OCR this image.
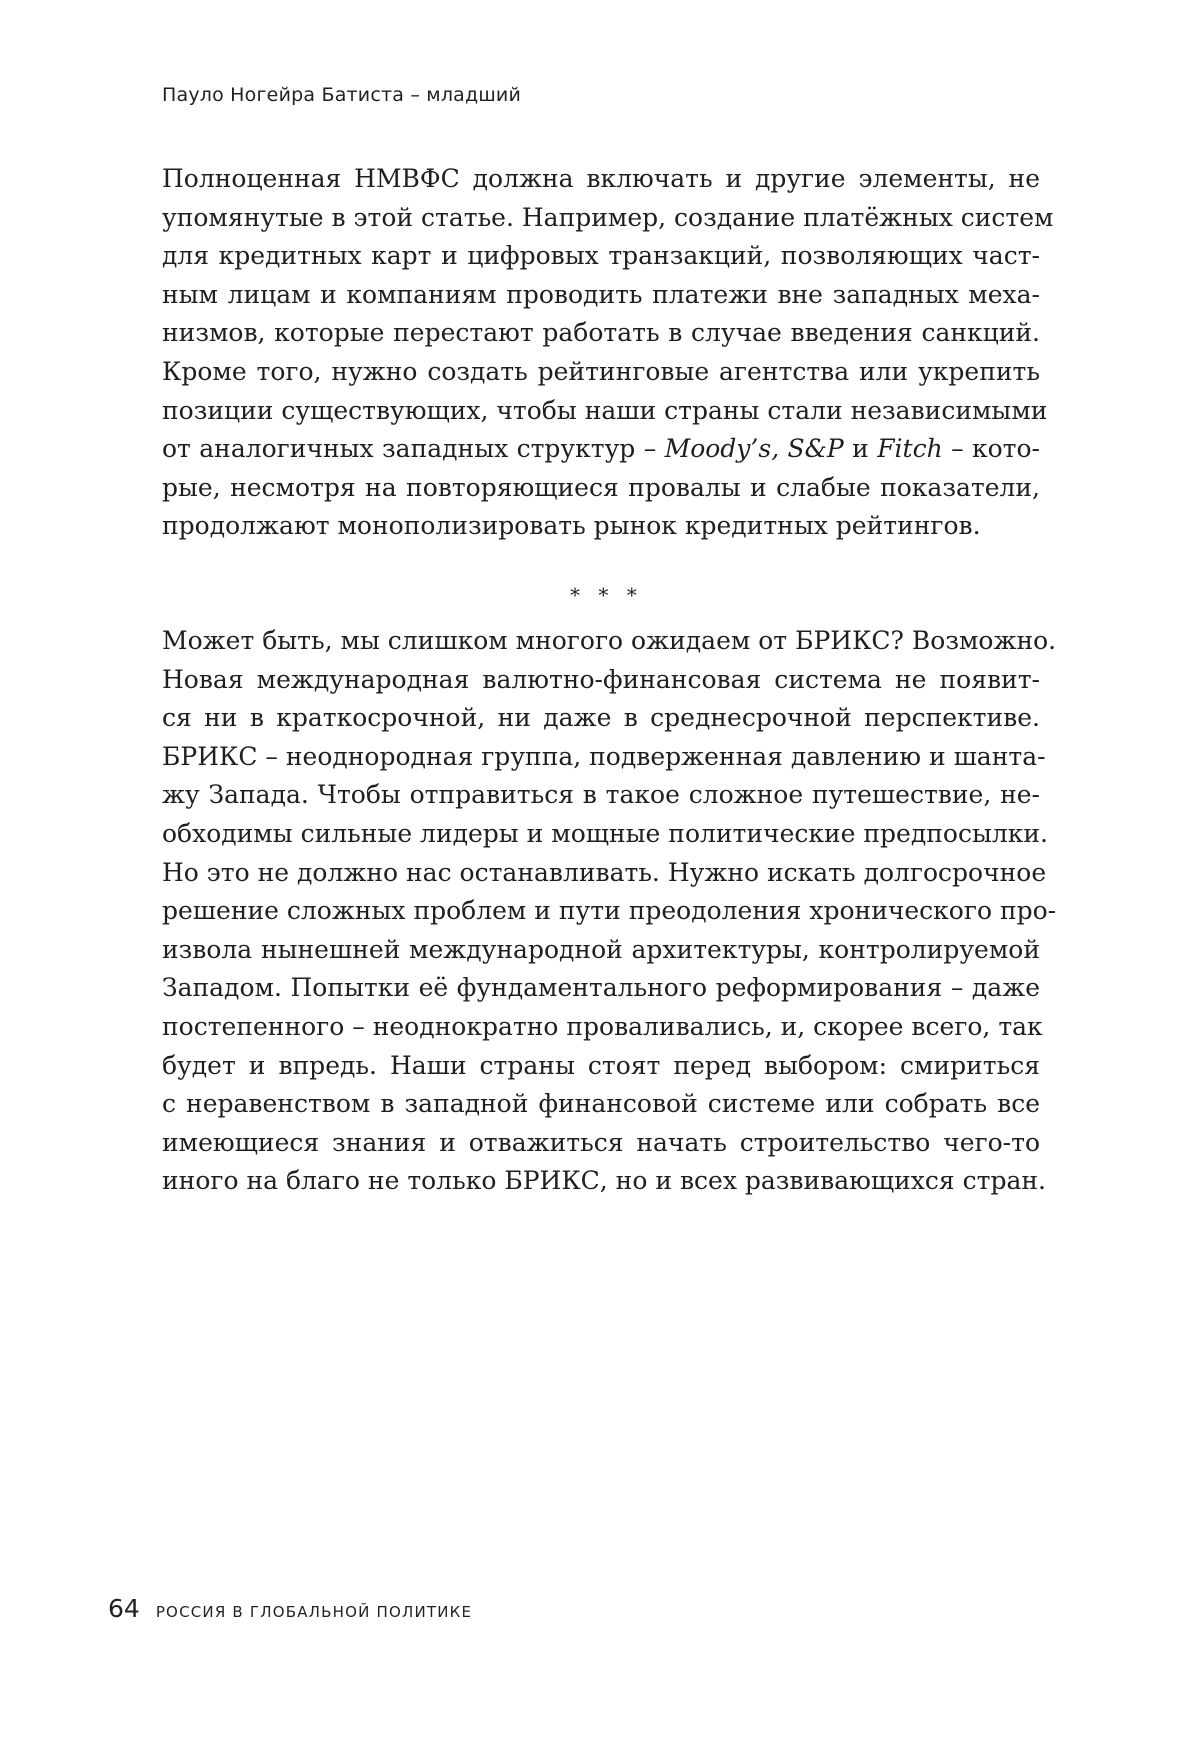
Пауло Ногейра Батиста – младший
Полноценная НМВФС должна включать и другие элементы, не
упомянутые в этой статье. Например, создание платёжных систем
для кредитных карт и цифровых транзакций, позволяющих част-
ным лицам и компаниям проводить платежи вне западных меха-
низмов, которые перестают работать в случае введения санкций.
Кроме того, нужно создать рейтинговые агентства или укрепить
позиции существующих, чтобы наши страны стали независимыми
от аналогичных западных структур – Moody’s, S&P и Fitch – кото-
рые, несмотря на повторяющиеся провалы и слабые показатели,
продолжают монополизировать рынок кредитных рейтингов.
* * *
Может быть, мы слишком многого ожидаем от БРИКС? Возможно.
Новая международная валютно-финансовая система не появит-
ся ни в краткосрочной, ни даже в среднесрочной перспективе.
БРИКС – неоднородная группа, подверженная давлению и шанта-
жу Запада. Чтобы отправиться в такое сложное путешествие, не-
обходимы сильные лидеры и мощные политические предпосылки.
Но это не должно нас останавливать. Нужно искать долгосрочное
решение сложных проблем и пути преодоления хронического про-
извола нынешней международной архитектуры, контролируемой
Западом. Попытки её фундаментального реформирования – даже
постепенного – неоднократно проваливались, и, скорее всего, так
будет и впредь. Наши страны стоят перед выбором: смириться
с неравенством в западной финансовой системе или собрать все
имеющиеся знания и отважиться начать строительство чего-то
иного на благо не только БРИКС, но и всех развивающихся стран.
64 РОССИЯ В ГЛОБАЛЬНОЙ ПОЛИТИКЕ
